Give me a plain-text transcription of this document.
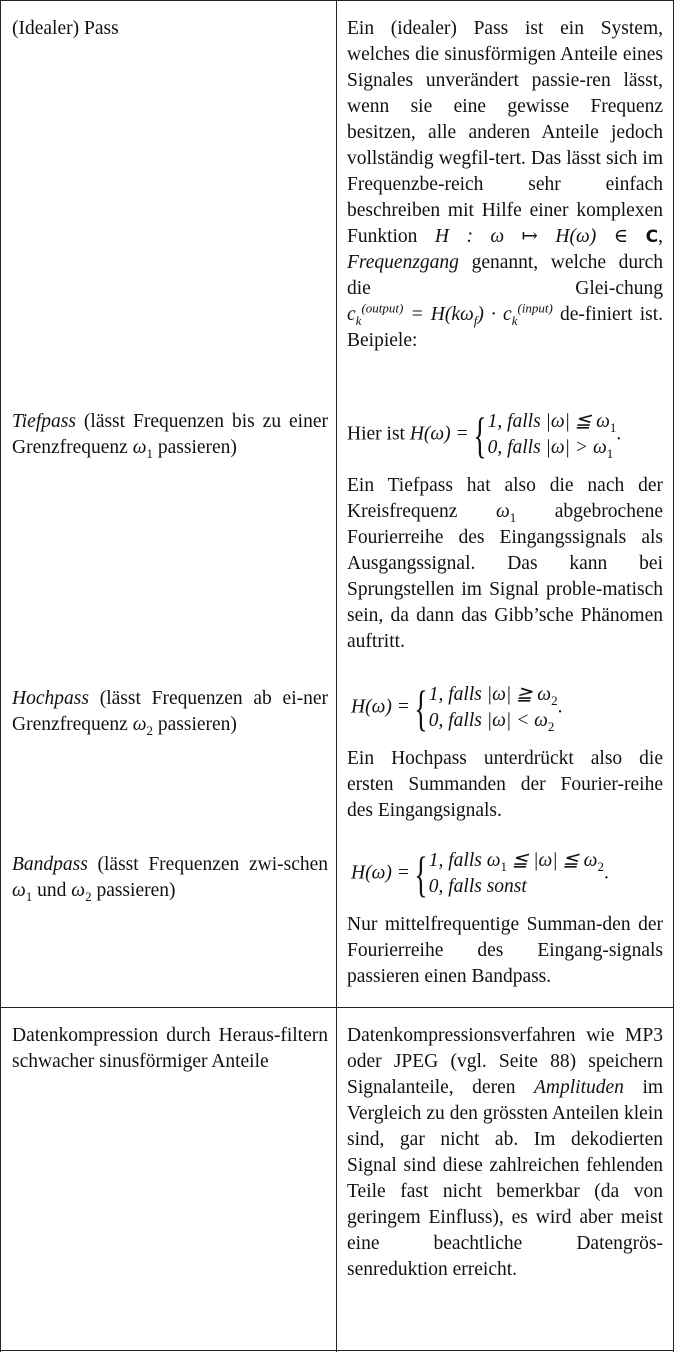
(Idealer) Pass	Ein (idealer) Pass ist ein System, welches die sinusförmigen Anteile eines Signales unverändert passie-ren lässt, wenn sie eine gewisse Frequenz besitzen, alle anderen Anteile jedoch vollständig wegfil-tert. Das lässt sich im Frequenzbe-reich sehr einfach beschreiben mit Hilfe einer komplexen Funktion H : ω ↦ H(ω) ∈ C, Frequenzgang genannt, welche durch die Glei-chung $c_k^{(output)} = H(k\omega_f) \cdot c_k^{(input)}$ de-finiert ist. Beipiele:

Tiefpass (lässt Frequenzen bis zu einer Grenzfrequenz $\omega_1$ passieren)

Hier ist H(ω) = { 1, falls |ω| ≦ $\omega_1$
0, falls $|\omega| > \omega_1$
.

Ein Tiefpass hat also die nach der Kreisfrequenz $\omega_1$ abgebrochene Fourierreihe des Eingangssignals als Ausgangssignal. Das kann bei Sprungstellen im Signal proble-matisch sein, da dann das Gibb’sche Phänomen auftritt.

Hochpass (lässt Frequenzen ab ei-ner Grenzfrequenz $\omega_2$ passieren)

H(ω) = { 1, falls |ω| ≧ $\omega_2$
0, falls $|\omega| < \omega_2$
.

Ein Hochpass unterdrückt also die ersten Summanden der Fourier-reihe des Eingangsignals.

Bandpass (lässt Frequenzen zwi-schen $\omega_1$ und $\omega_2$ passieren)

H(ω) = { 1, falls $\omega_1$ ≦ |ω| ≦ $\omega_2$
0, falls sonst
.

Nur mittelfrequentige Summan-den der Fourierreihe des Eingang-signals passieren einen Bandpass.

Datenkompression durch Heraus-filtern schwacher sinusförmiger Anteile

Datenkompressionsverfahren wie MP3 oder JPEG (vgl. Seite 88) speichern Signalanteile, deren Amplituden im Vergleich zu den grössten Anteilen klein sind, gar nicht ab. Im dekodierten Signal sind diese zahlreichen fehlenden Teile fast nicht bemerkbar (da von geringem Einfluss), es wird aber meist eine beachtliche Datengrös-senreduktion erreicht.
